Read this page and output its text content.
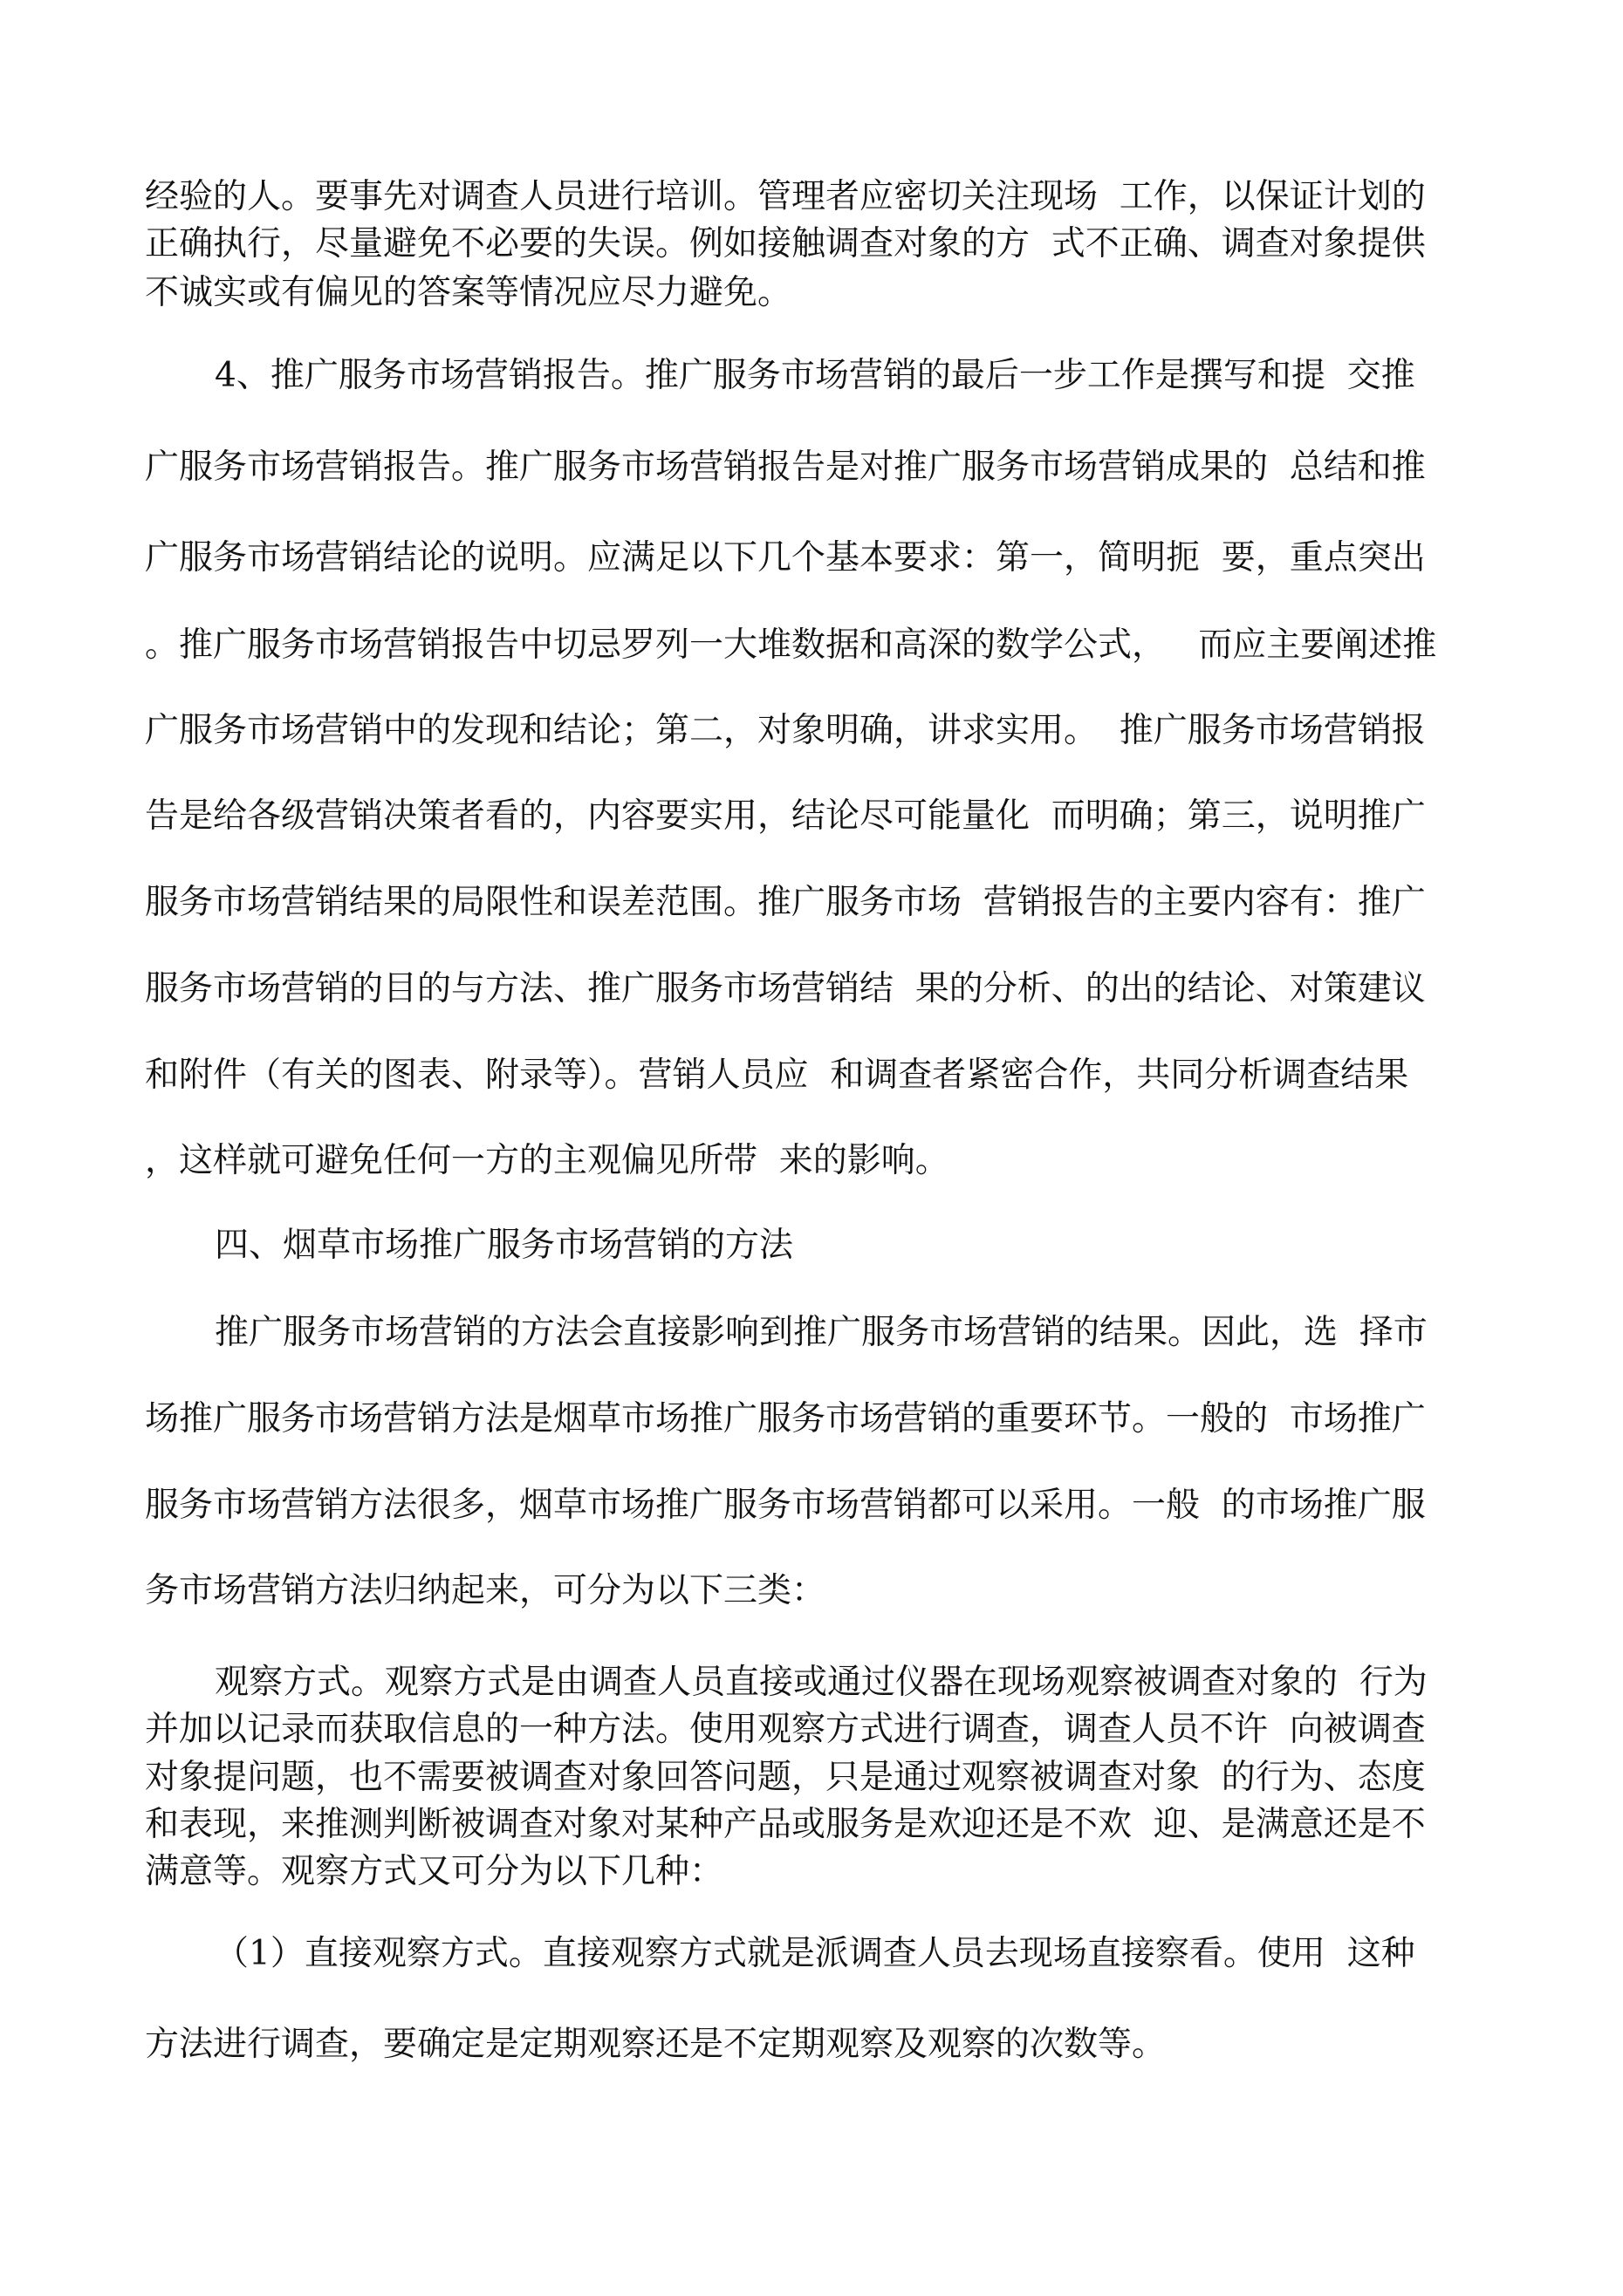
经验的人。要事先对调查人员进行培训。管理者应密切关注现场  工作，以保证计划的
正确执行，尽量避免不必要的失误。例如接触调查对象的方  式不正确、调查对象提供
不诚实或有偏见的答案等情况应尽力避免。
4、推广服务市场营销报告。推广服务市场营销的最后一步工作是撰写和提  交推
广服务市场营销报告。推广服务市场营销报告是对推广服务市场营销成果的  总结和推
广服务市场营销结论的说明。应满足以下几个基本要求：第一，简明扼  要，重点突出
。推广服务市场营销报告中切忌罗列一大堆数据和高深的数学公式，   而应主要阐述推
广服务市场营销中的发现和结论；第二，对象明确，讲求实用。  推广服务市场营销报
告是给各级营销决策者看的，内容要实用，结论尽可能量化  而明确；第三，说明推广
服务市场营销结果的局限性和误差范围。推广服务市场  营销报告的主要内容有：推广
服务市场营销的目的与方法、推广服务市场营销结  果的分析、的出的结论、对策建议
和附件（有关的图表、附录等）。营销人员应  和调查者紧密合作，共同分析调查结果
，这样就可避免任何一方的主观偏见所带  来的影响。
四、烟草市场推广服务市场营销的方法
推广服务市场营销的方法会直接影响到推广服务市场营销的结果。因此，选  择市
场推广服务市场营销方法是烟草市场推广服务市场营销的重要环节。一般的  市场推广
服务市场营销方法很多，烟草市场推广服务市场营销都可以采用。一般  的市场推广服
务市场营销方法归纳起来，可分为以下三类：
观察方式。观察方式是由调查人员直接或通过仪器在现场观察被调查对象的  行为
并加以记录而获取信息的一种方法。使用观察方式进行调查，调查人员不许  向被调查
对象提问题，也不需要被调查对象回答问题，只是通过观察被调查对象  的行为、态度
和表现，来推测判断被调查对象对某种产品或服务是欢迎还是不欢  迎、是满意还是不
满意等。观察方式又可分为以下几种：
（1）直接观察方式。直接观察方式就是派调查人员去现场直接察看。使用  这种
方法进行调查，要确定是定期观察还是不定期观察及观察的次数等。
